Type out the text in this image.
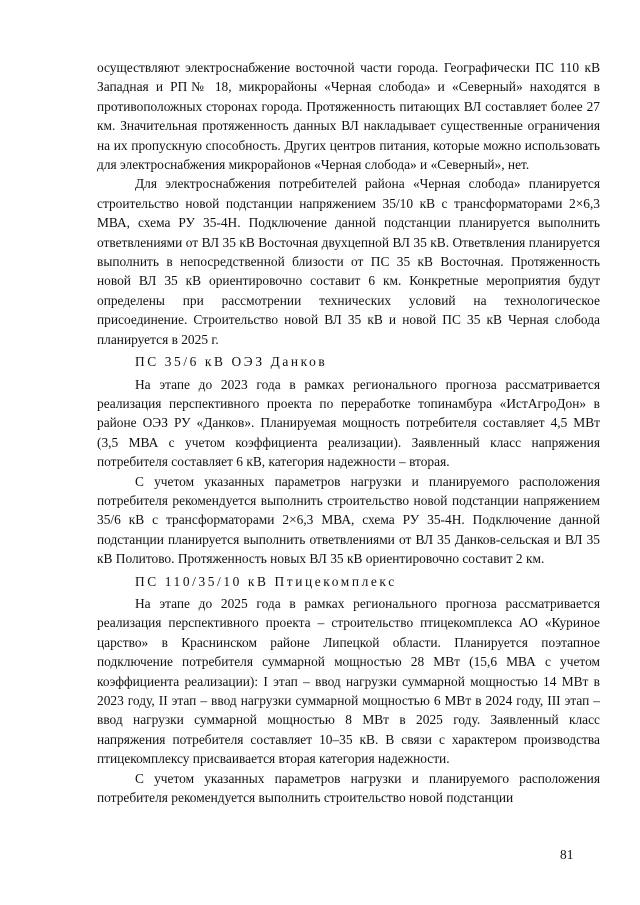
осуществляют электроснабжение восточной части города. Географически ПС 110 кВ Западная и РП№ 18, микрорайоны «Черная слобода» и «Северный» находятся в противоположных сторонах города. Протяженность питающих ВЛ составляет более 27 км. Значительная протяженность данных ВЛ накладывает существенные ограничения на их пропускную способность. Других центров питания, которые можно использовать для электроснабжения микрорайонов «Черная слобода» и «Северный», нет.

Для электроснабжения потребителей района «Черная слобода» планируется строительство новой подстанции напряжением 35/10 кВ с трансформаторами 2×6,3 МВА, схема РУ 35-4Н. Подключение данной подстанции планируется выполнить ответвлениями от ВЛ 35 кВ Восточная двухцепной ВЛ 35 кВ. Ответвления планируется выполнить в непосредственной близости от ПС 35 кВ Восточная. Протяженность новой ВЛ 35 кВ ориентировочно составит 6 км. Конкретные мероприятия будут определены при рассмотрении технических условий на технологическое присоединение. Строительство новой ВЛ 35 кВ и новой ПС 35 кВ Черная слобода планируется в 2025 г.

ПС 35/6 кВ ОЭЗ Данков

На этапе до 2023 года в рамках регионального прогноза рассматривается реализация перспективного проекта по переработке топинамбура «ИстАгроДон» в районе ОЭЗ РУ «Данков». Планируемая мощность потребителя составляет 4,5 МВт (3,5 МВА с учетом коэффициента реализации). Заявленный класс напряжения потребителя составляет 6 кВ, категория надежности – вторая.

С учетом указанных параметров нагрузки и планируемого расположения потребителя рекомендуется выполнить строительство новой подстанции напряжением 35/6 кВ с трансформаторами 2×6,3 МВА, схема РУ 35-4Н. Подключение данной подстанции планируется выполнить ответвлениями от ВЛ 35 Данков-сельская и ВЛ 35 кВ Политово. Протяженность новых ВЛ 35 кВ ориентировочно составит 2 км.

ПС 110/35/10 кВ Птицекомплекс

На этапе до 2025 года в рамках регионального прогноза рассматривается реализация перспективного проекта – строительство птицекомплекса АО «Куриное царство» в Краснинском районе Липецкой области. Планируется поэтапное подключение потребителя суммарной мощностью 28 МВт (15,6 МВА с учетом коэффициента реализации): I этап – ввод нагрузки суммарной мощностью 14 МВт в 2023 году, II этап – ввод нагрузки суммарной мощностью 6 МВт в 2024 году, III этап – ввод нагрузки суммарной мощностью 8 МВт в 2025 году. Заявленный класс напряжения потребителя составляет 10–35 кВ. В связи с характером производства птицекомплексу присваивается вторая категория надежности.

С учетом указанных параметров нагрузки и планируемого расположения потребителя рекомендуется выполнить строительство новой подстанции

81
